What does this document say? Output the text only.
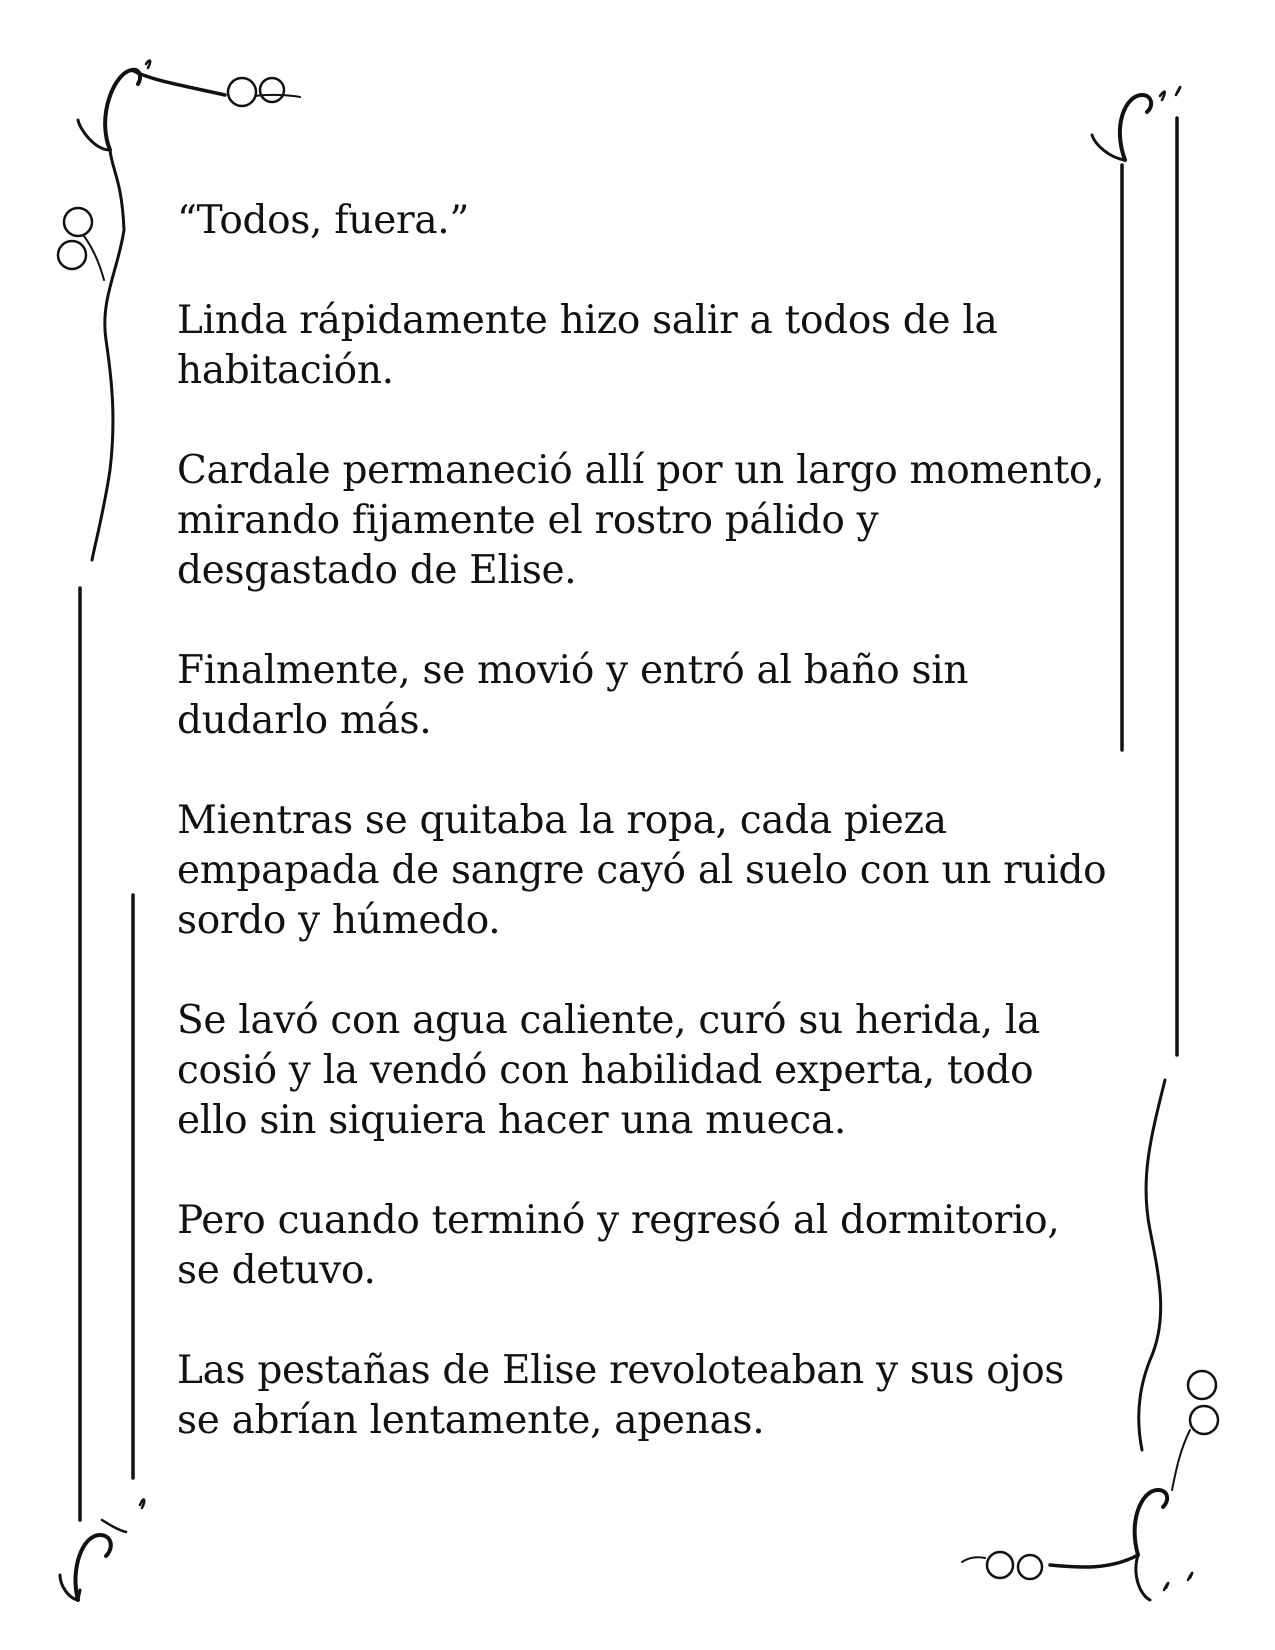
“Todos, fuera.”

Linda rápidamente hizo salir a todos de la habitación.

Cardale permaneció allí por un largo momento, mirando fijamente el rostro pálido y desgastado de Elise.

Finalmente, se movió y entró al baño sin dudarlo más.

Mientras se quitaba la ropa, cada pieza empapada de sangre cayó al suelo con un ruido sordo y húmedo.

Se lavó con agua caliente, curó su herida, la cosió y la vendó con habilidad experta, todo ello sin siquiera hacer una mueca.

Pero cuando terminó y regresó al dormitorio, se detuvo.

Las pestañas de Elise revoloteaban y sus ojos se abrían lentamente, apenas.
